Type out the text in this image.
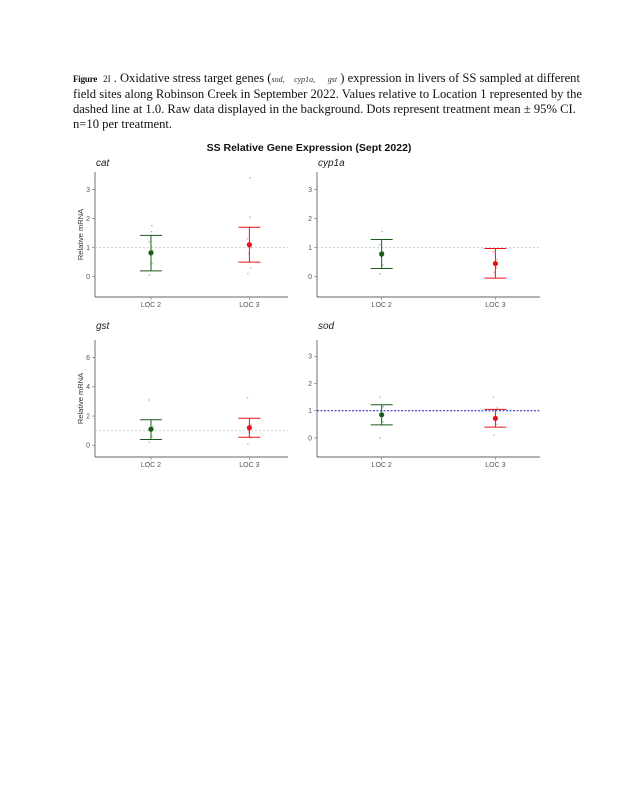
Figure 2I . Oxidative stress target genes (sod, cyp1a, gst ) expression in livers of SS sampled at different field sites along Robinson Creek in September 2022. Values relative to Location 1 represented by the dashed line at 1.0. Raw data displayed in the background. Dots represent treatment mean ± 95% CI. n=10 per treatment.
SS Relative Gene Expression (Sept 2022)
cat
0
1
2
3
LOC 2	LOC 3
Relative mRNA
cyp1a
0
1
2
3
LOC 2	LOC 3
gst
0
2
4
6
LOC 2	LOC 3
Relative mRNA
sod
0
1
2
3
LOC 2	LOC 3
